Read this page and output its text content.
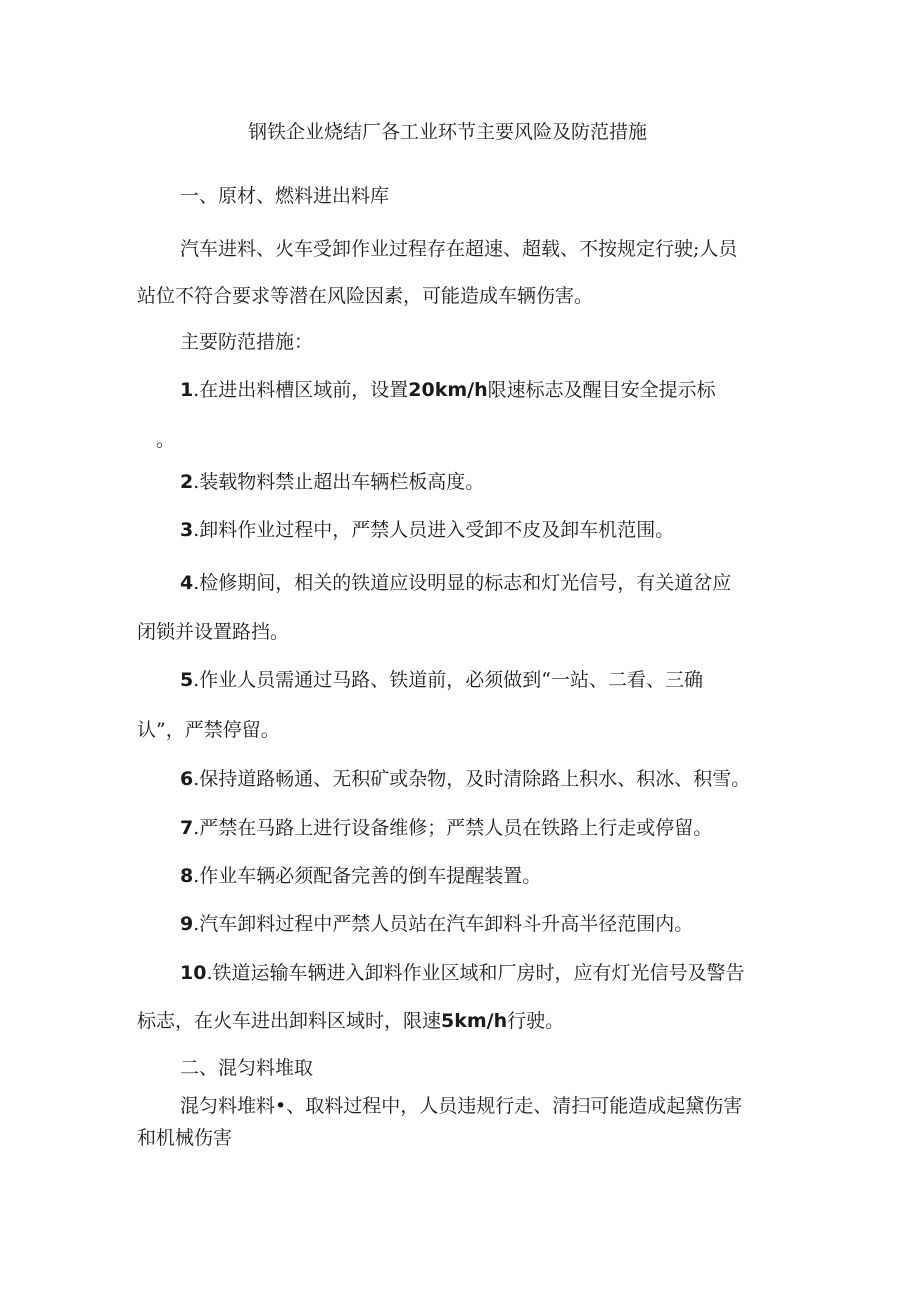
钢铁企业烧结厂各工业环节主要风险及防范措施
一、原材、燃料进出料库
汽车进料、火车受卸作业过程存在超速、超载、不按规定行驶;人员
站位不符合要求等潜在风险因素，可能造成车辆伤害。
主要防范措施：
1.在进出料槽区域前，设置20km/h限速标志及醒目安全提示标
。
2.装载物料禁止超出车辆栏板高度。
3.卸料作业过程中，严禁人员进入受卸不皮及卸车机范围。
4.检修期间，相关的铁道应设明显的标志和灯光信号，有关道岔应
闭锁并设置路挡。
5.作业人员需通过马路、铁道前，必须做到“一站、二看、三确
认”，严禁停留。
6.保持道路畅通、无积矿或杂物，及时清除路上积水、积冰、积雪。
7.严禁在马路上进行设备维修；严禁人员在铁路上行走或停留。
8.作业车辆必须配备完善的倒车提醒装置。
9.汽车卸料过程中严禁人员站在汽车卸料斗升高半径范围内。
10.铁道运输车辆进入卸料作业区域和厂房时，应有灯光信号及警告
标志，在火车进出卸料区域时，限速5km/h行驶。
二、混匀料堆取
混匀料堆料•、取料过程中，人员违规行走、清扫可能造成起黛伤害
和机械伤害
